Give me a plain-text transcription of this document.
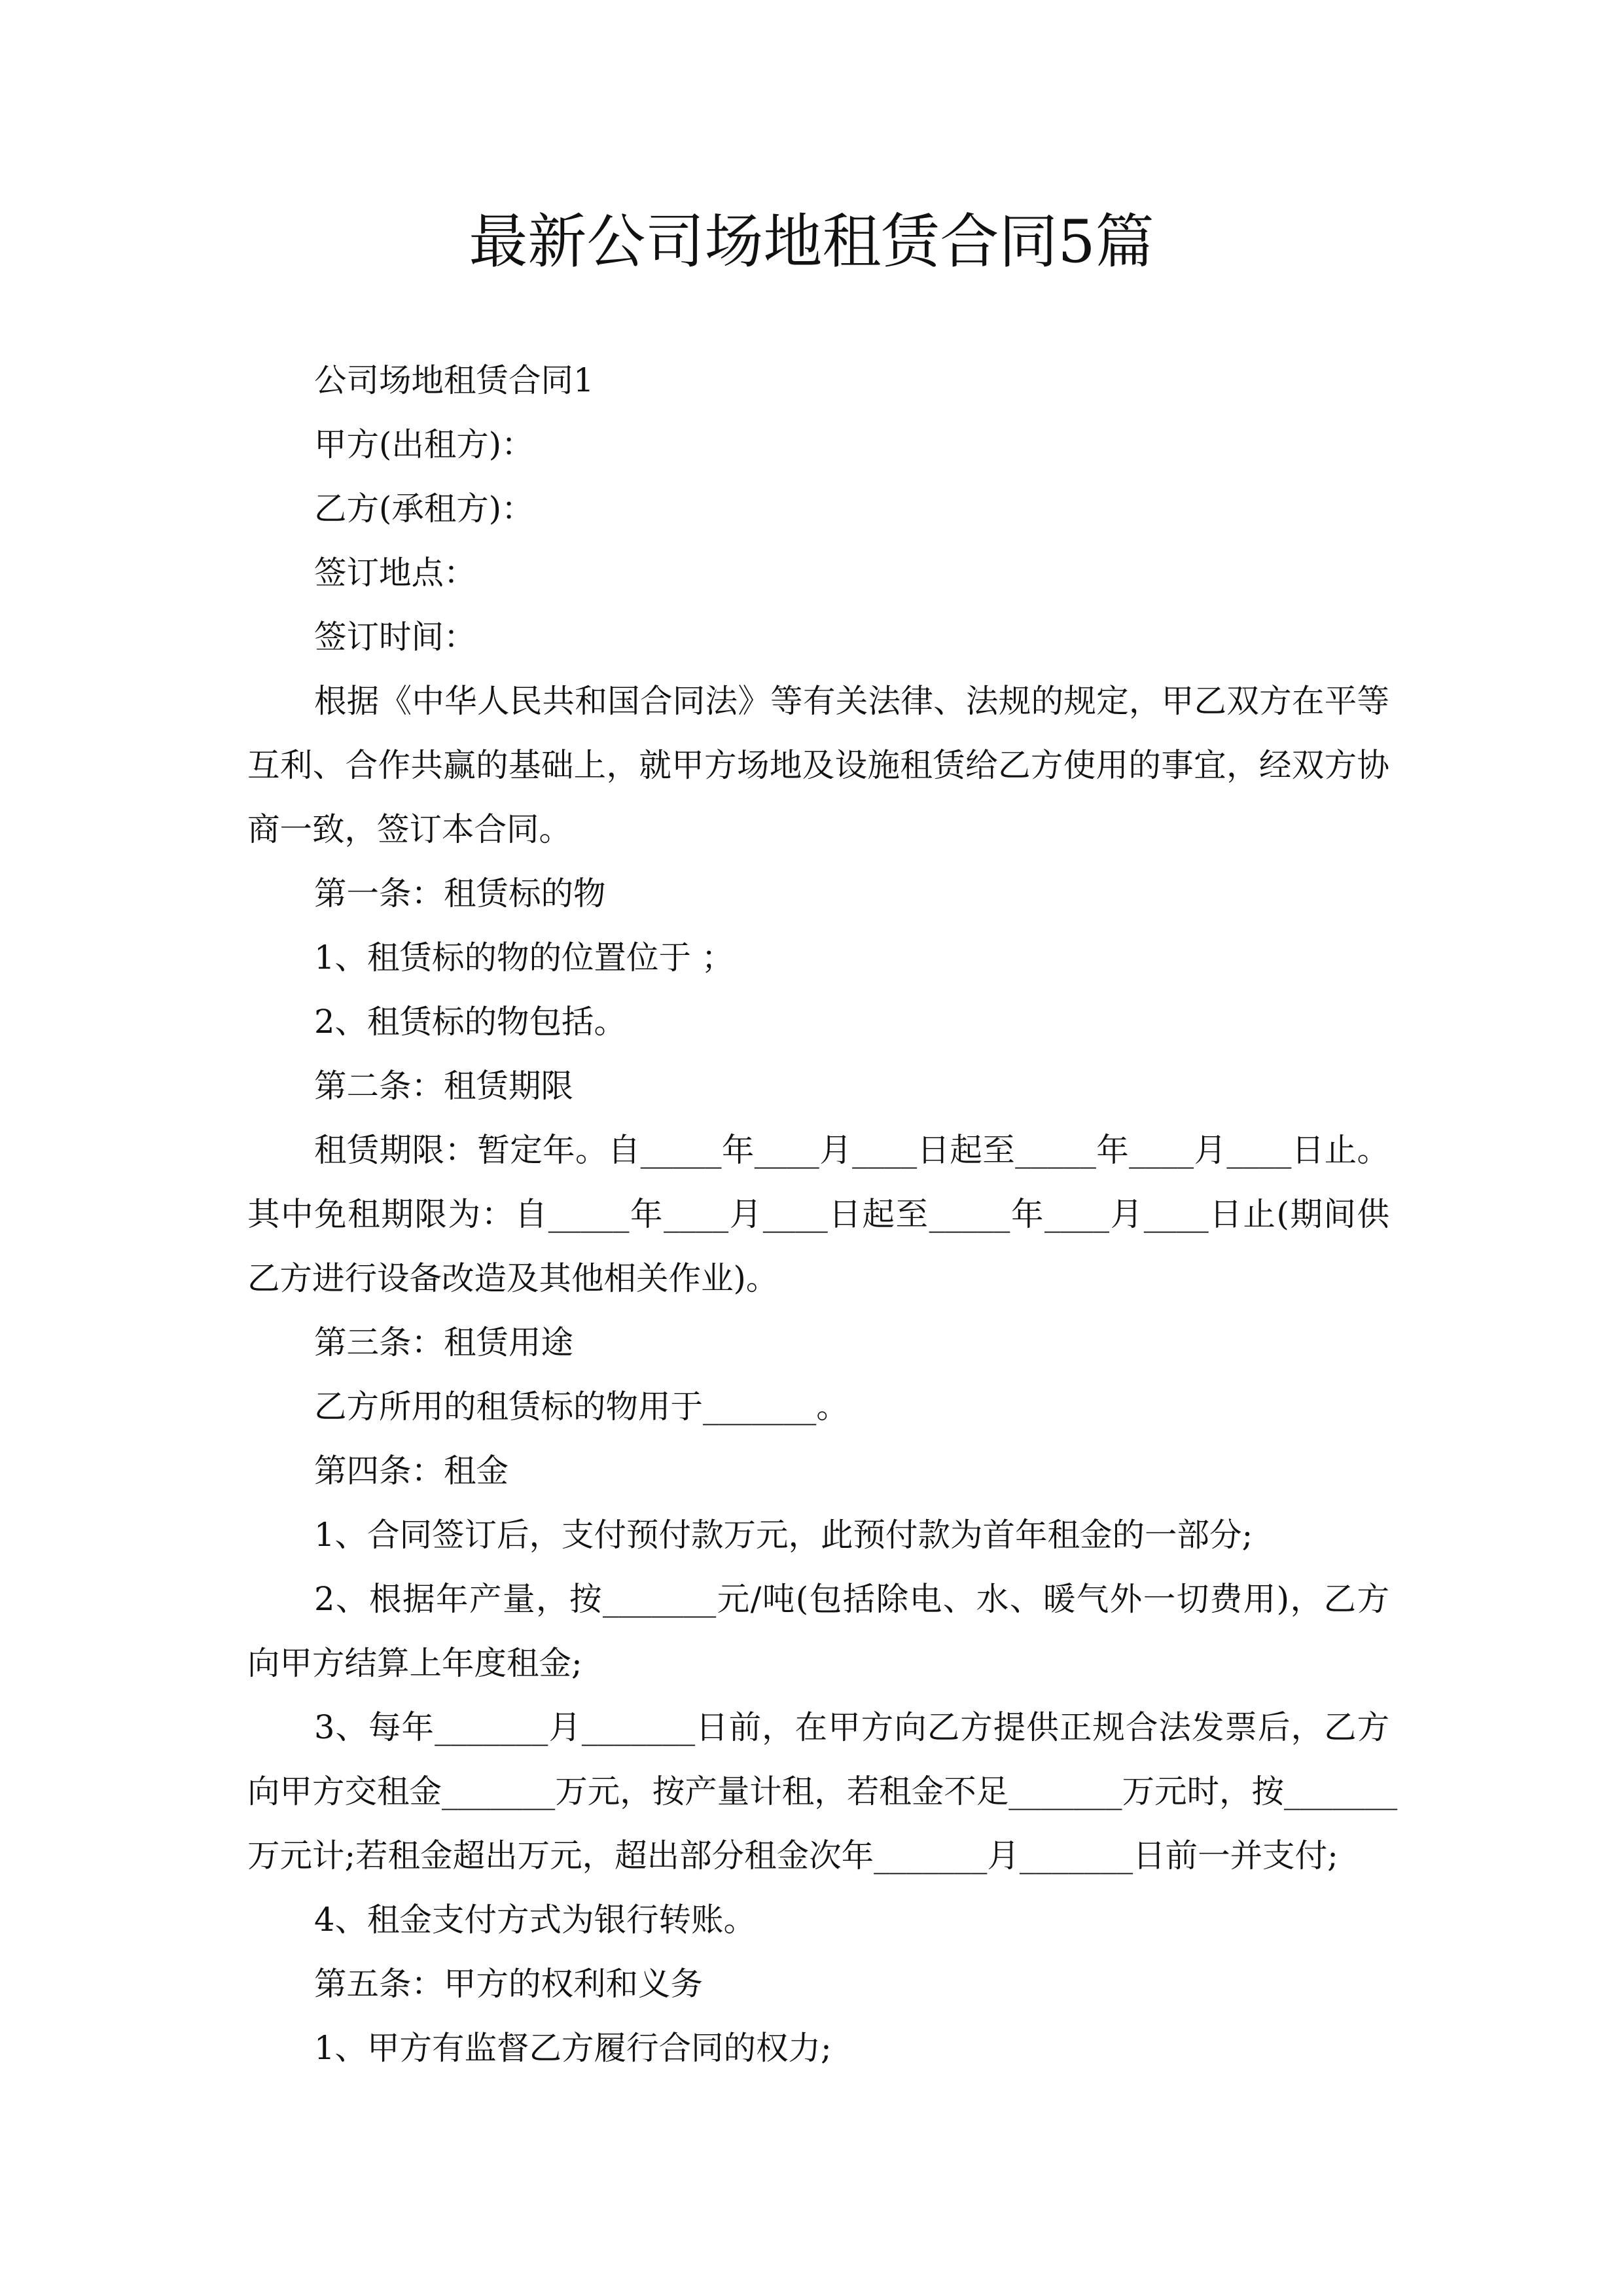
最新公司场地租赁合同5篇
公司场地租赁合同1
甲方(出租方)：
乙方(承租方)：
签订地点：
签订时间：
根据《中华人民共和国合同法》等有关法律、法规的规定，甲乙双方在平等
互利、合作共赢的基础上，就甲方场地及设施租赁给乙方使用的事宜，经双方协
商一致，签订本合同。
第一条：租赁标的物
1、租赁标的物的位置位于 ；
2、租赁标的物包括。
第二条：租赁期限
租赁期限：暂定年。自_____年____月____日起至_____年____月____日止。
其中免租期限为：自_____年____月____日起至_____年____月____日止(期间供
乙方进行设备改造及其他相关作业)。
第三条：租赁用途
乙方所用的租赁标的物用于_______。
第四条：租金
1、合同签订后，支付预付款万元，此预付款为首年租金的一部分;
2、根据年产量，按_______元/吨(包括除电、水、暖气外一切费用)，乙方
向甲方结算上年度租金;
3、每年_______月_______日前，在甲方向乙方提供正规合法发票后，乙方
向甲方交租金_______万元，按产量计租，若租金不足_______万元时，按_______
万元计;若租金超出万元，超出部分租金次年_______月_______日前一并支付;
4、租金支付方式为银行转账。
第五条：甲方的权利和义务
1、甲方有监督乙方履行合同的权力;
